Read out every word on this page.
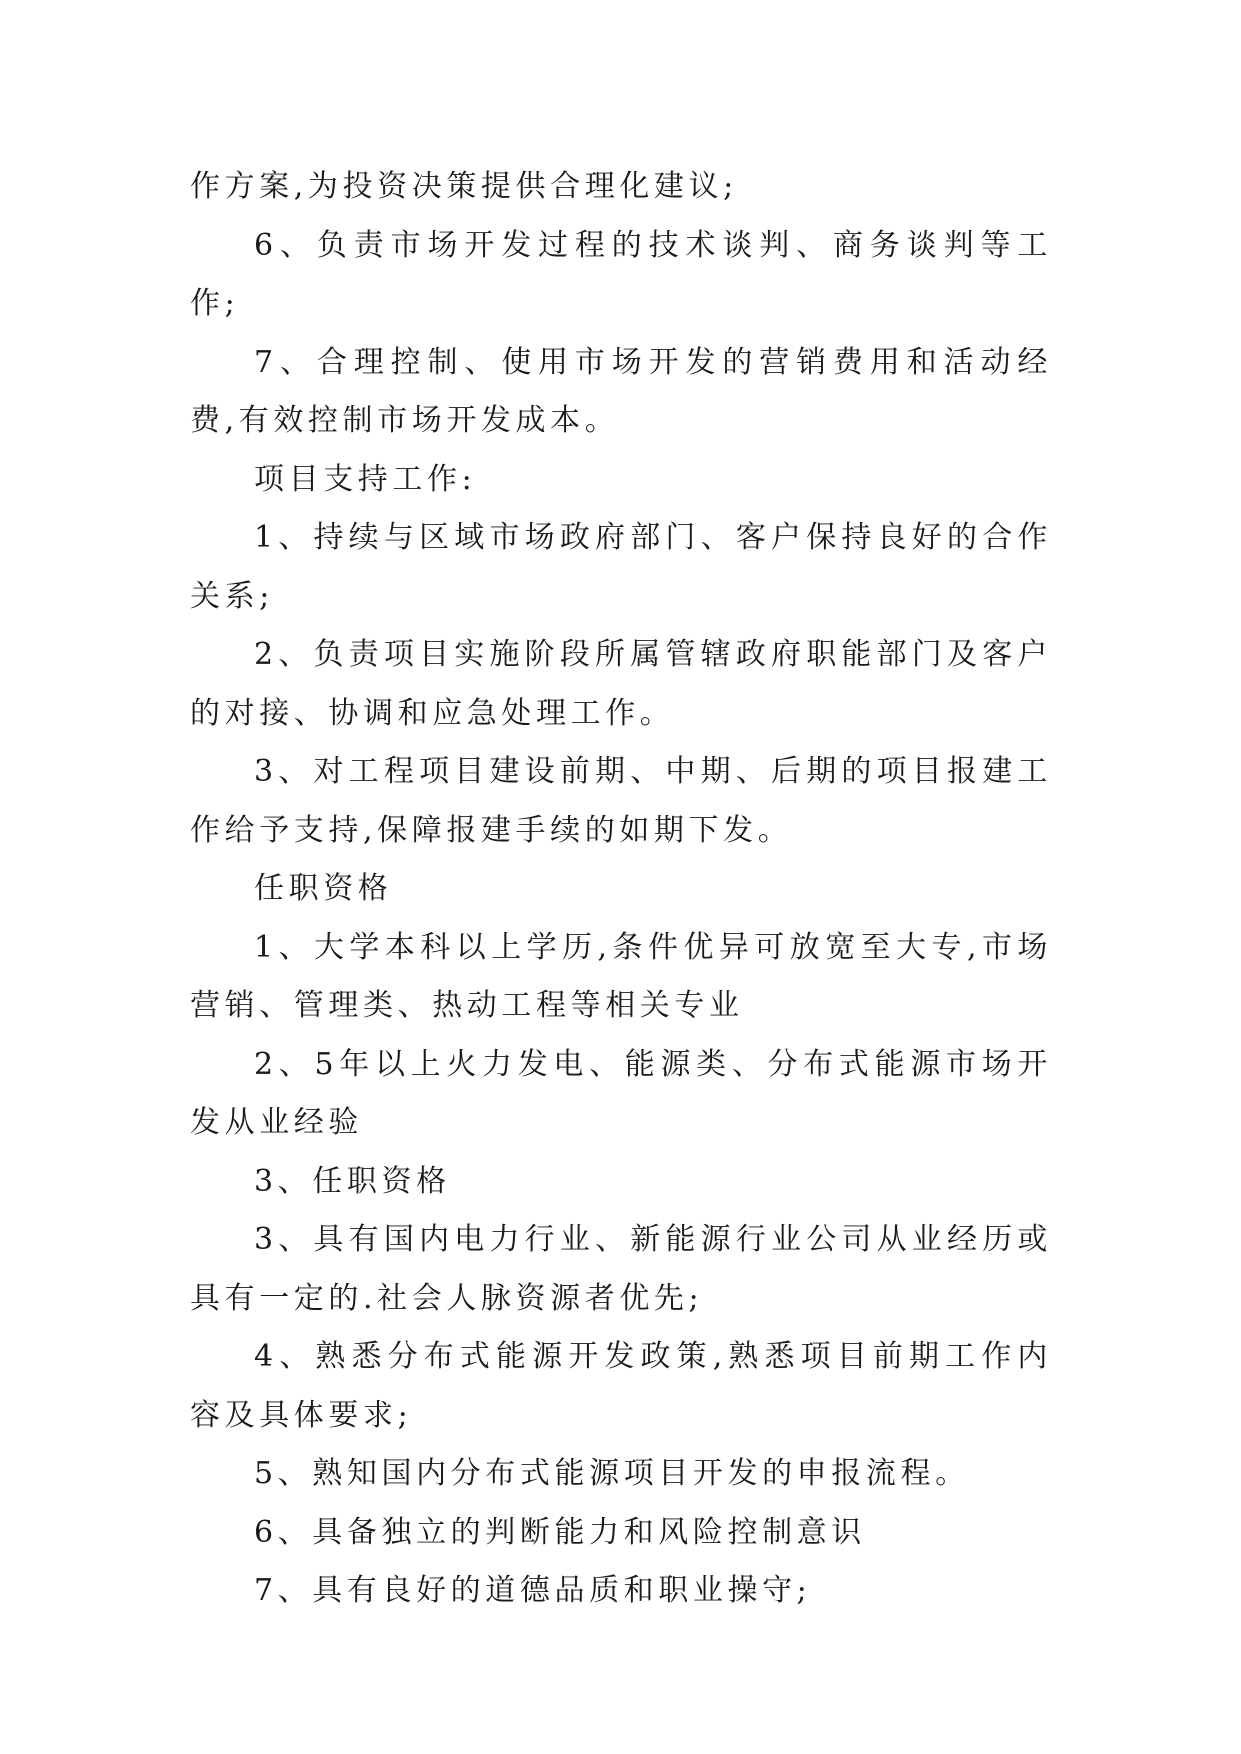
作方案,为投资决策提供合理化建议;

6、负责市场开发过程的技术谈判、商务谈判等工作;

7、合理控制、使用市场开发的营销费用和活动经费,有效控制市场开发成本。

项目支持工作:

1、持续与区域市场政府部门、客户保持良好的合作关系;

2、负责项目实施阶段所属管辖政府职能部门及客户的对接、协调和应急处理工作。

3、对工程项目建设前期、中期、后期的项目报建工作给予支持,保障报建手续的如期下发。

任职资格

1、大学本科以上学历,条件优异可放宽至大专,市场营销、管理类、热动工程等相关专业

2、5年以上火力发电、能源类、分布式能源市场开发从业经验

3、任职资格

3、具有国内电力行业、新能源行业公司从业经历或具有一定的.社会人脉资源者优先;

4、熟悉分布式能源开发政策,熟悉项目前期工作内容及具体要求;

5、熟知国内分布式能源项目开发的申报流程。

6、具备独立的判断能力和风险控制意识

7、具有良好的道德品质和职业操守;
